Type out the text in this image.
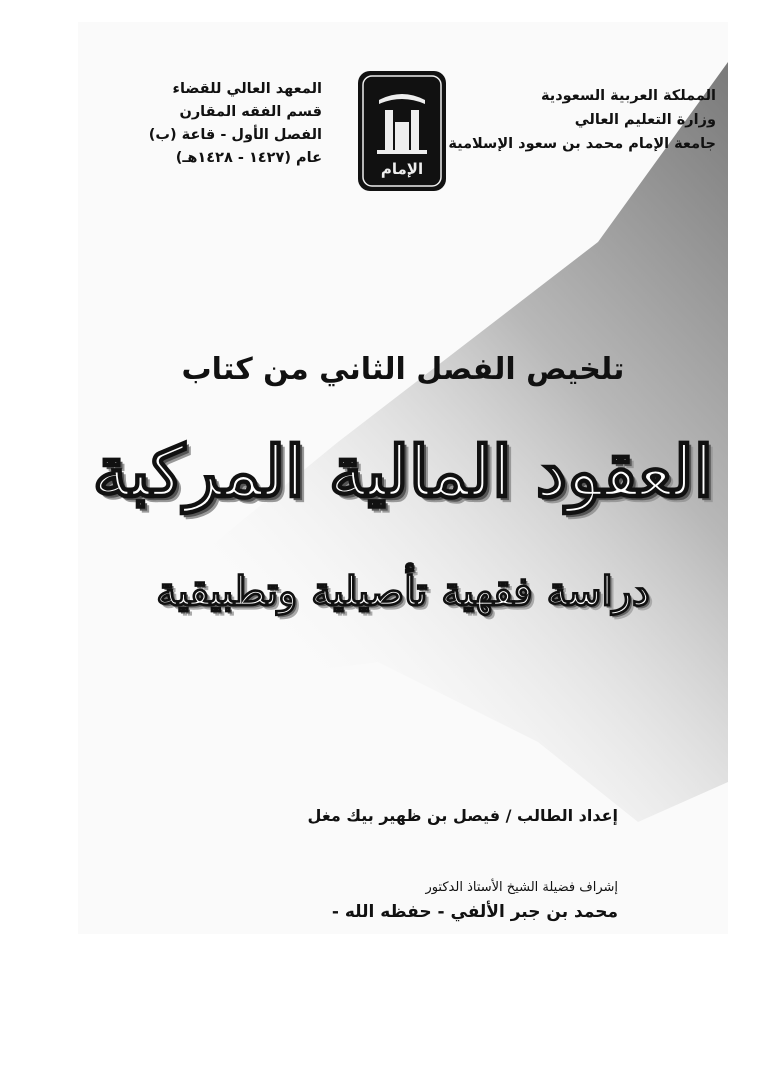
المملكة العربية السعودية
وزارة التعليم العالي
جامعة الإمام محمد بن سعود الإسلامية
الإمام
المعهد العالي للقضاء
قسم الفقه المقارن
الفصل الأول - قاعة (ب)
عام (١٤٢٧ - ١٤٢٨هـ)
تلخيص الفصل الثاني من كتاب
العقود المالية المركبة
دراسة فقهية تأصيلية وتطبيقية
إعداد الطالب / فيصل بن ظهير بيك مغل
إشراف فضيلة الشيخ الأستاذ الدكتور
محمد بن جبر الألفي - حفظه الله -
